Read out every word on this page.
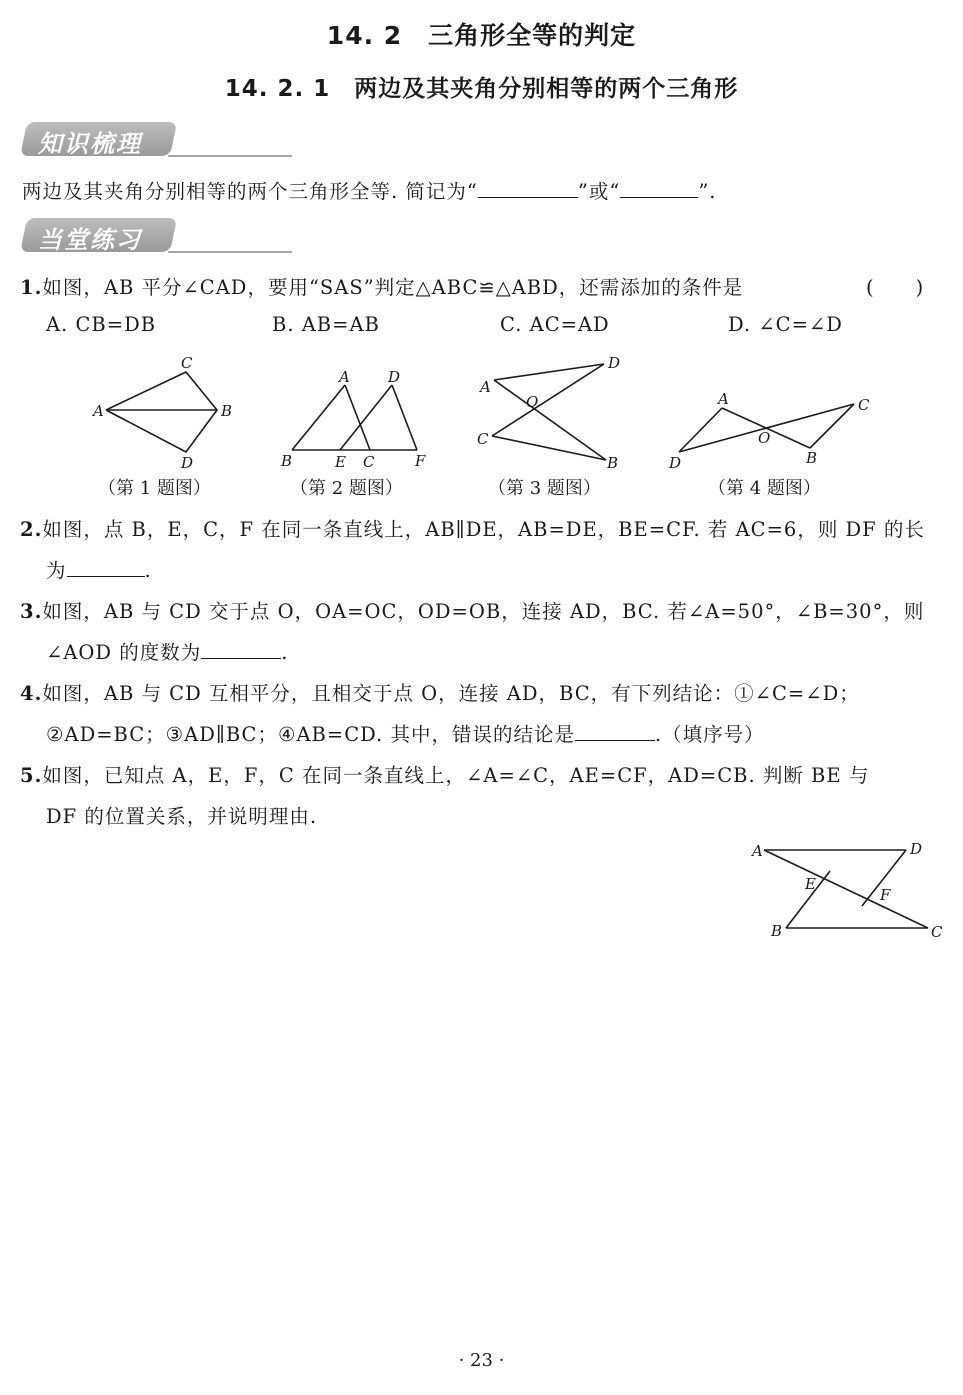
14. 2　三角形全等的判定
14. 2. 1　两边及其夹角分别相等的两个三角形
知识梳理
两边及其夹角分别相等的两个三角形全等. 简记为“	”或“	”.
当堂练习
1.如图，AB 平分∠CAD，要用“SAS”判定△ABC≌△ABD，还需添加的条件是	(　　)
A. CB=DB	B. AB=AB	C. AC=AD	D. ∠C=∠D
C
A	B
D
A	D
B	E C	F
A
D
O
C
B
A	C
O
D	B
（第 1 题图）	（第 2 题图）	（第 3 题图）	（第 4 题图）
2.如图，点 B，E，C，F 在同一条直线上，AB∥DE，AB=DE，BE=CF. 若 AC=6，则 DF 的长
为	.
3.如图，AB 与 CD 交于点 O，OA=OC，OD=OB，连接 AD，BC. 若∠A=50°，∠B=30°，则
∠AOD 的度数为	.
4.如图，AB 与 CD 互相平分，且相交于点 O，连接 AD，BC，有下列结论：①∠C=∠D；
②AD=BC；③AD∥BC；④AB=CD. 其中，错误的结论是	.（填序号）
5.如图，已知点 A，E，F，C 在同一条直线上，∠A=∠C，AE=CF，AD=CB. 判断 BE 与
DF 的位置关系，并说明理由.
A	D
E
F
B	C
· 23 ·
